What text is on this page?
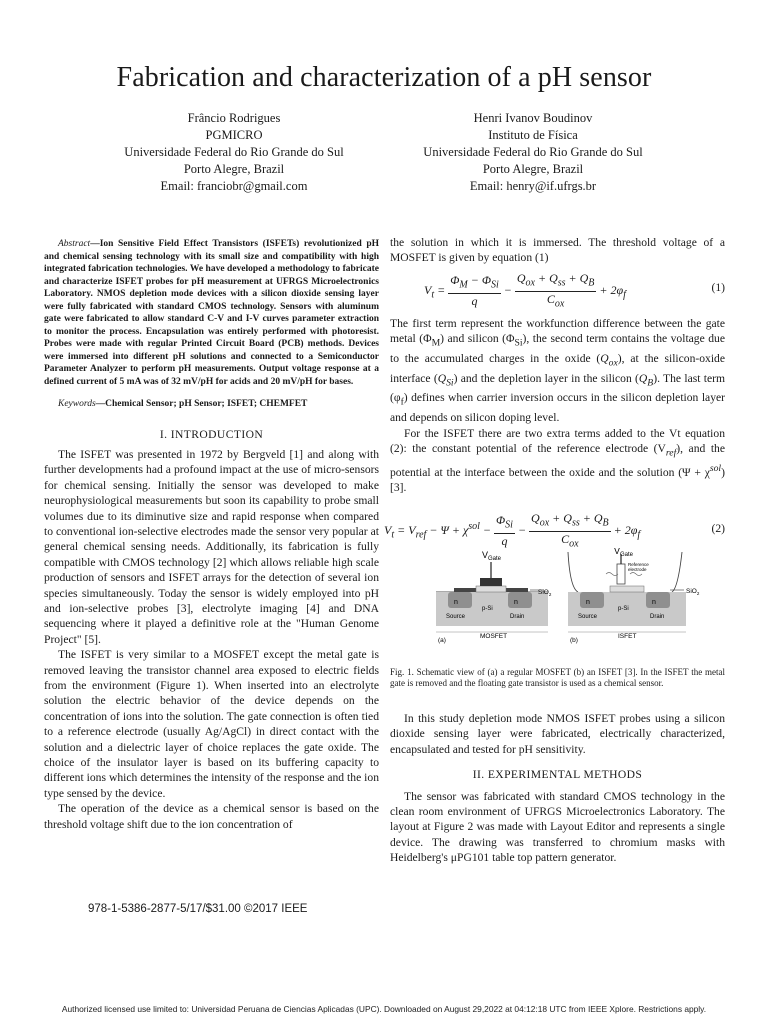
Fabrication and characterization of a pH sensor
Frâncio Rodrigues
PGMICRO
Universidade Federal do Rio Grande do Sul
Porto Alegre, Brazil
Email: franciobr@gmail.com
Henri Ivanov Boudinov
Instituto de Física
Universidade Federal do Rio Grande do Sul
Porto Alegre, Brazil
Email: henry@if.ufrgs.br

Abstract—Ion Sensitive Field Effect Transistors (ISFETs) revolutionized pH and chemical sensing technology with its small size and compatibility with high integrated fabrication technologies. We have developed a methodology to fabricate and characterize ISFET probes for pH measurement at UFRGS Microelectronics Laboratory. NMOS depletion mode devices with a silicon dioxide sensing layer were fully fabricated with standard CMOS technology. Sensors with aluminum gate were fabricated to allow standard C-V and I-V curves parameter extraction to monitor the process. Encapsulation was entirely performed with photoresist. Probes were made with regular Printed Circuit Board (PCB) methods. Devices were immersed into different pH solutions and connected to a Semiconductor Parameter Analyzer to perform pH measurements. Output voltage response at a defined current of 5 mA was of 32 mV/pH for acids and 20 mV/pH for bases.

Keywords—Chemical Sensor; pH Sensor; ISFET; CHEMFET

I. INTRODUCTION

The ISFET was presented in 1972 by Bergveld [1] and along with further developments had a profound impact at the use of micro-sensors for chemical sensing. Initially the sensor was developed to make neurophysiological measurements but soon its capability to probe small volumes due to its diminutive size and rapid response when compared to conventional ion-selective electrodes made the sensor very popular at general chemical sensing needs. Additionally, its fabrication is fully compatible with CMOS technology [2] which allows reliable high scale production of sensors and ISFET arrays for the detection of several ion species simultaneously. Today the sensor is widely employed into pH and ion-selective probes [3], electrolyte imaging [4] and DNA sequencing where it played a definitive role at the "Human Genome Project" [5].

The ISFET is very similar to a MOSFET except the metal gate is removed leaving the transistor channel area exposed to electric fields from the environment (Figure 1). When inserted into an electrolyte solution the electric behavior of the device depends on the concentration of ions into the solution. The gate connection is often tied to a reference electrode (usually Ag/AgCl) in direct contact with the solution and a dielectric layer of choice replaces the gate oxide. The choice of the insulator layer is based on its buffering capacity to different ions which determines the intensity of the response and the ion type sensed by the device.

The operation of the device as a chemical sensor is based on the threshold voltage shift due to the ion concentration of

the solution in which it is immersed. The threshold voltage of a MOSFET is given by equation (1)

$V_t = \frac{\Phi_M - \Phi_{Si}}{q} - \frac{Q_{ox} + Q_{ss} + Q_B}{C_{ox}} + 2\varphi_f$
(1)

The first term represent the workfunction difference between the gate metal $(\Phi_M)$ and silicon $(\Phi_{Si})$, the second term contains the voltage due to the accumulated charges in the oxide $(Q_{ox})$, at the silicon-oxide interface $(Q_{Si})$ and the depletion layer in the silicon $(Q_B)$. The last term $(\varphi_f)$ defines when carrier inversion occurs in the silicon depletion layer and depends on silicon doping level.

For the ISFET there are two extra terms added to the Vt equation (2): the constant potential of the reference electrode $(V_{ref})$, and the potential at the interface between the oxide and the solution $(\Psi + \chi^{sol})[3]$.

$V_t = V_{ref} - \Psi + \chi^{sol} - \frac{\Phi_{Si}}{q} - \frac{Q_{ox} + Q_{ss} + Q_B}{C_{ox}} + 2\varphi_f$	(2)
$V_{Gate}$
n	n
p-Si
Source	Drain
SiO$_2$
(a)
MOSFET
$V_{Gate}$
Reference
electrode
n	n
p-Si
Source	Drain
SiO$_2$
(b)
ISFET
Fig. 1. Schematic view of (a) a regular MOSFET (b) an ISFET [3]. In the ISFET the metal gate is removed and the floating gate transistor is used as a chemical sensor.

In this study depletion mode NMOS ISFET probes using a silicon dioxide sensing layer were fabricated, electrically characterized, encapsulated and tested for pH sensitivity.

II. EXPERIMENTAL METHODS

The sensor was fabricated with standard CMOS technology in the clean room environment of UFRGS Microelectronics Laboratory. The layout at Figure 2 was made with Layout Editor and represents a single device. The drawing was transferred to chromium masks with Heidelberg's μPG101 table top pattern generator.

978-1-5386-2877-5/17/$31.00 ©2017 IEEE
Authorized licensed use limited to: Universidad Peruana de Ciencias Aplicadas (UPC). Downloaded on August 29,2022 at 04:12:18 UTC from IEEE Xplore. Restrictions apply.
